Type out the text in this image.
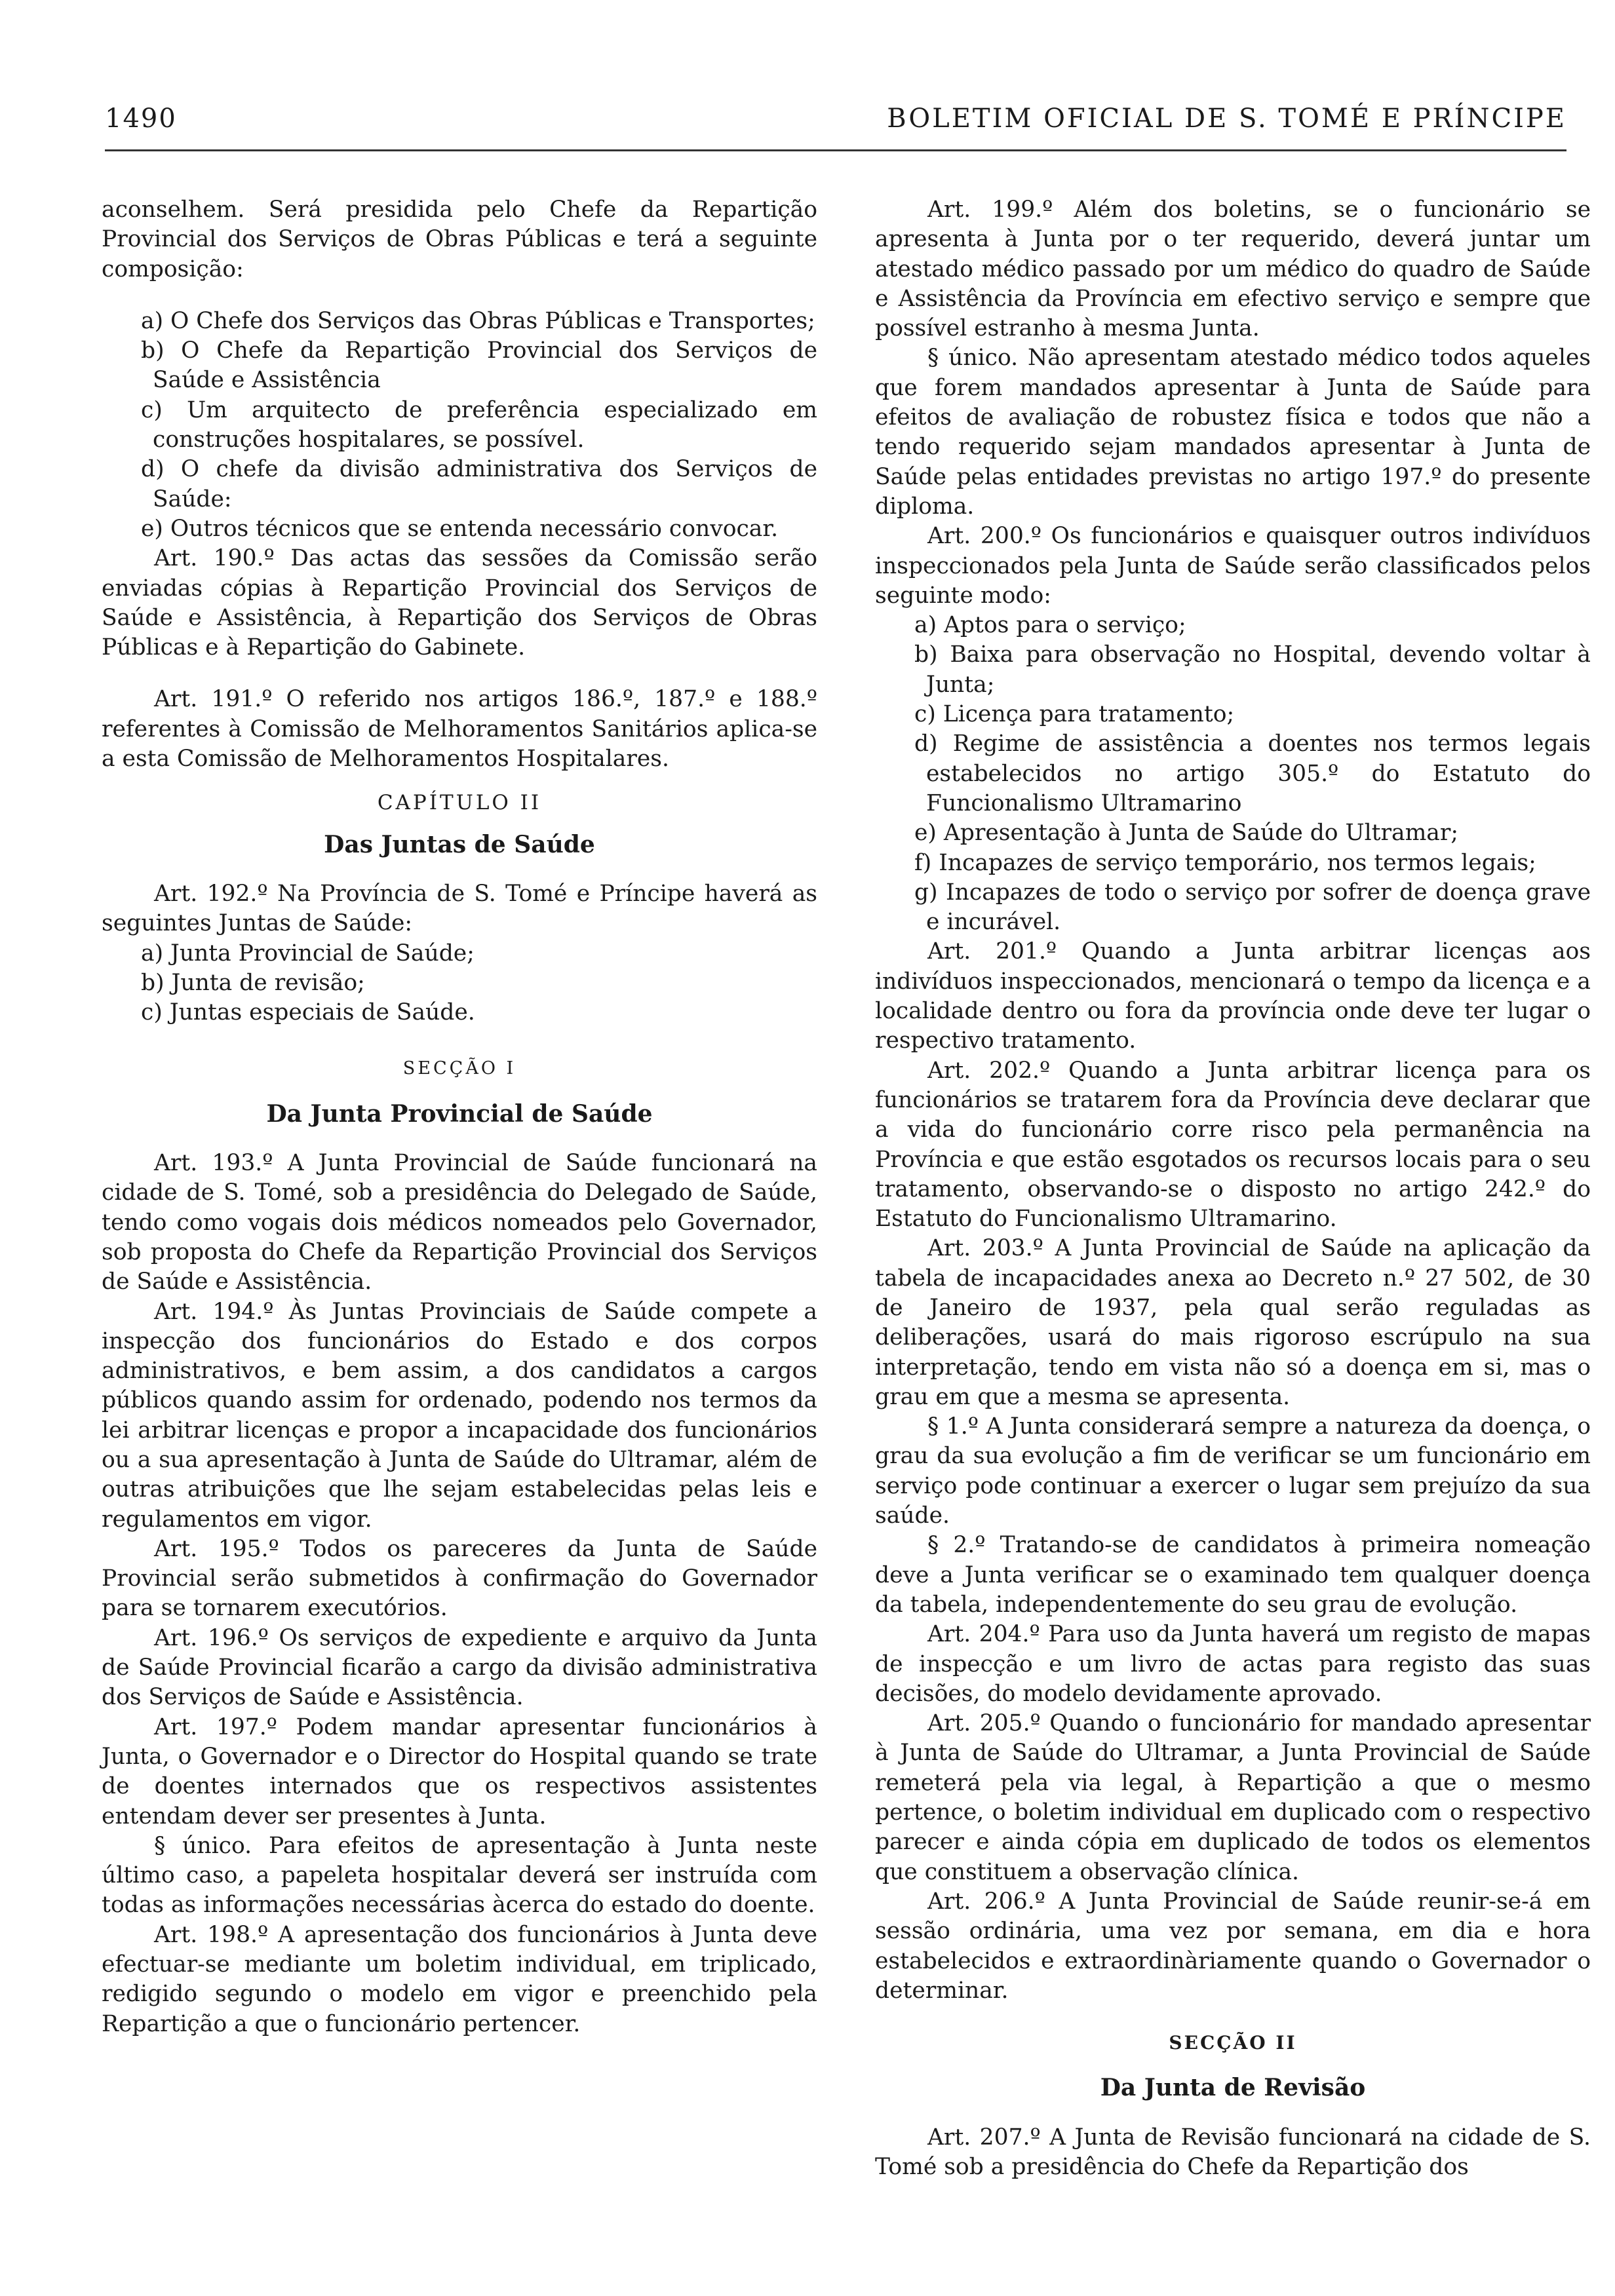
1490	BOLETIM OFICIAL DE S. TOMÉ E PRÍNCIPE

aconselhem. Será presidida pelo Chefe da Repartição Provincial dos Serviços de Obras Públicas e terá a seguinte composição:

a) O Chefe dos Serviços das Obras Públicas e Transportes;

b) O Chefe da Repartição Provincial dos Serviços de Saúde e Assistência

c) Um arquitecto de preferência especializado em construções hospitalares, se possível.

d) O chefe da divisão administrativa dos Serviços de Saúde:

e) Outros técnicos que se entenda necessário convocar.

Art. 190.º Das actas das sessões da Comissão serão enviadas cópias à Repartição Provincial dos Serviços de Saúde e Assistência, à Repartição dos Serviços de Obras Públicas e à Repartição do Gabinete.

Art. 191.º O referido nos artigos 186.º, 187.º e 188.º referentes à Comissão de Melhoramentos Sanitários aplica-se a esta Comissão de Melhoramentos Hospitalares.

CAPÍTULO II
Das Juntas de Saúde

Art. 192.º Na Província de S. Tomé e Príncipe haverá as seguintes Juntas de Saúde:

a) Junta Provincial de Saúde;

b) Junta de revisão;

c) Juntas especiais de Saúde.

SECÇÃO I
Da Junta Provincial de Saúde

Art. 193.º A Junta Provincial de Saúde funcionará na cidade de S. Tomé, sob a presidência do Delegado de Saúde, tendo como vogais dois médicos nomeados pelo Governador, sob proposta do Chefe da Repartição Provincial dos Serviços de Saúde e Assistência.

Art. 194.º Às Juntas Provinciais de Saúde compete a inspecção dos funcionários do Estado e dos corpos administrativos, e bem assim, a dos candidatos a cargos públicos quando assim for ordenado, podendo nos termos da lei arbitrar licenças e propor a incapacidade dos funcionários ou a sua apresentação à Junta de Saúde do Ultramar, além de outras atribuições que lhe sejam estabelecidas pelas leis e regulamentos em vigor.

Art. 195.º Todos os pareceres da Junta de Saúde Provincial serão submetidos à confirmação do Governador para se tornarem executórios.

Art. 196.º Os serviços de expediente e arquivo da Junta de Saúde Provincial ficarão a cargo da divisão administrativa dos Serviços de Saúde e Assistência.

Art. 197.º Podem mandar apresentar funcionários à Junta, o Governador e o Director do Hospital quando se trate de doentes internados que os respectivos assistentes entendam dever ser presentes à Junta.

§ único. Para efeitos de apresentação à Junta neste último caso, a papeleta hospitalar deverá ser instruída com todas as informações necessárias àcerca do estado do doente.

Art. 198.º A apresentação dos funcionários à Junta deve efectuar-se mediante um boletim individual, em triplicado, redigido segundo o modelo em vigor e preenchido pela Repartição a que o funcionário pertencer.

Art. 199.º Além dos boletins, se o funcionário se apresenta à Junta por o ter requerido, deverá juntar um atestado médico passado por um médico do quadro de Saúde e Assistência da Província em efectivo serviço e sempre que possível estranho à mesma Junta.

§ único. Não apresentam atestado médico todos aqueles que forem mandados apresentar à Junta de Saúde para efeitos de avaliação de robustez física e todos que não a tendo requerido sejam mandados apresentar à Junta de Saúde pelas entidades previstas no artigo 197.º do presente diploma.

Art. 200.º Os funcionários e quaisquer outros indivíduos inspeccionados pela Junta de Saúde serão classificados pelos seguinte modo:

a) Aptos para o serviço;

b) Baixa para observação no Hospital, devendo voltar à Junta;

c) Licença para tratamento;

d) Regime de assistência a doentes nos termos legais estabelecidos no artigo 305.º do Estatuto do Funcionalismo Ultramarino

e) Apresentação à Junta de Saúde do Ultramar;

f) Incapazes de serviço temporário, nos termos legais;

g) Incapazes de todo o serviço por sofrer de doença grave e incurável.

Art. 201.º Quando a Junta arbitrar licenças aos indivíduos inspeccionados, mencionará o tempo da licença e a localidade dentro ou fora da província onde deve ter lugar o respectivo tratamento.

Art. 202.º Quando a Junta arbitrar licença para os funcionários se tratarem fora da Província deve declarar que a vida do funcionário corre risco pela permanência na Província e que estão esgotados os recursos locais para o seu tratamento, observando-se o disposto no artigo 242.º do Estatuto do Funcionalismo Ultramarino.

Art. 203.º A Junta Provincial de Saúde na aplicação da tabela de incapacidades anexa ao Decreto n.º 27 502, de 30 de Janeiro de 1937, pela qual serão reguladas as deliberações, usará do mais rigoroso escrúpulo na sua interpretação, tendo em vista não só a doença em si, mas o grau em que a mesma se apresenta.

§ 1.º A Junta considerará sempre a natureza da doença, o grau da sua evolução a fim de verificar se um funcionário em serviço pode continuar a exercer o lugar sem prejuízo da sua saúde.

§ 2.º Tratando-se de candidatos à primeira nomeação deve a Junta verificar se o examinado tem qualquer doença da tabela, independentemente do seu grau de evolução.

Art. 204.º Para uso da Junta haverá um registo de mapas de inspecção e um livro de actas para registo das suas decisões, do modelo devidamente aprovado.

Art. 205.º Quando o funcionário for mandado apresentar à Junta de Saúde do Ultramar, a Junta Provincial de Saúde remeterá pela via legal, à Repartição a que o mesmo pertence, o boletim individual em duplicado com o respectivo parecer e ainda cópia em duplicado de todos os elementos que constituem a observação clínica.

Art. 206.º A Junta Provincial de Saúde reunir-se-á em sessão ordinária, uma vez por semana, em dia e hora estabelecidos e extraordinàriamente quando o Governador o determinar.

SECÇÃO II
Da Junta de Revisão

Art. 207.º A Junta de Revisão funcionará na cidade de S. Tomé sob a presidência do Chefe da Repartição dos
